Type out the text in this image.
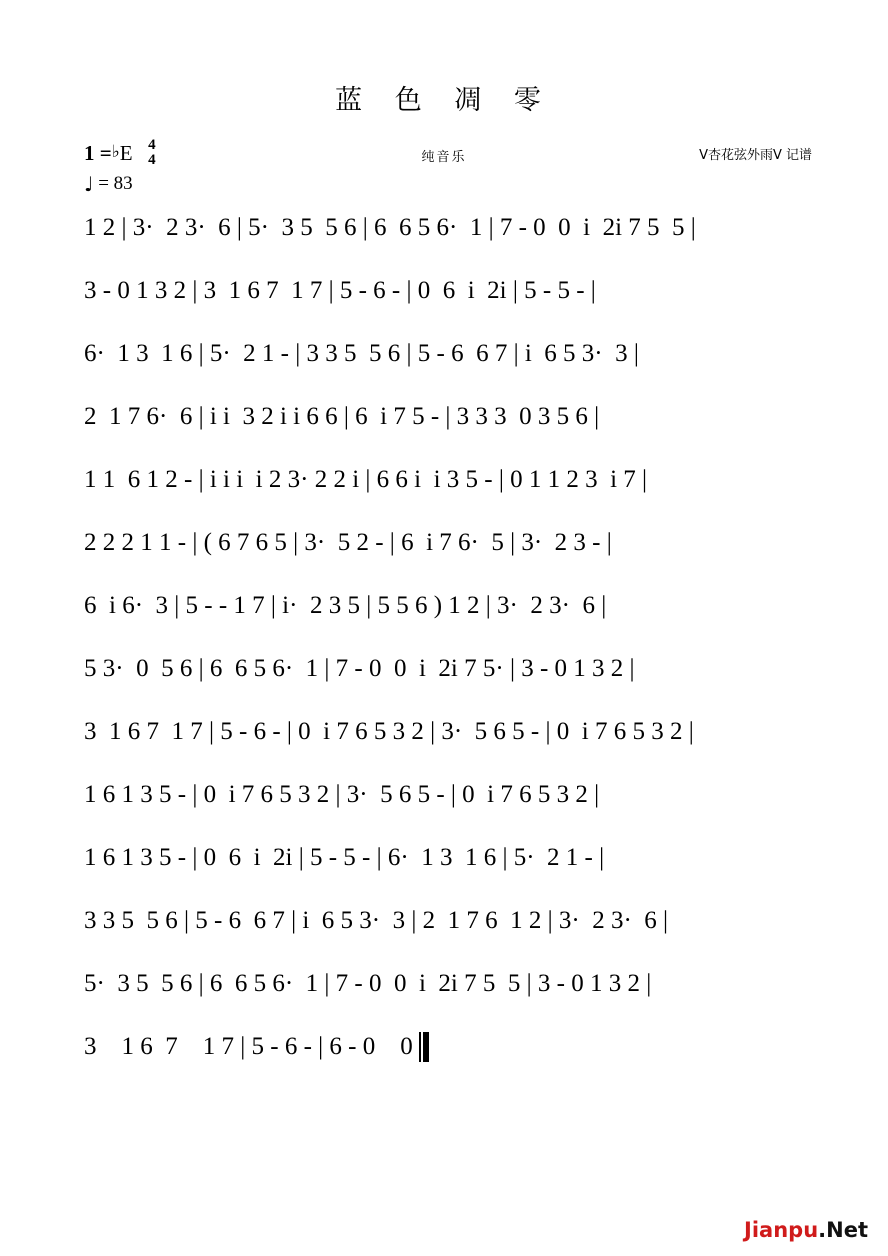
蓝 色 凋 零
纯音乐	V杏花弦外雨V 记谱
1 =♭E 4
4
♩ = 83
1 2 | 3·  2 3·  6 | 5·  3 5  5 6 | 6  6 5 6·  1 | 7 - 0  0  i  2i 7 5  5 |
3 - 0 1 3 2 | 3  1 6 7  1 7 | 5 - 6 - | 0  6  i  2i | 5 - 5 - |
6·  1 3  1 6 | 5·  2 1 - | 3 3 5  5 6 | 5 - 6  6 7 | i  6 5 3·  3 |
2  1 7 6·  6 | i i  3 2 i i 6 6 | 6  i 7 5 - | 3 3 3  0 3 5 6 |
1 1  6 1 2 - | i i i  i 2 3· 2 2 i | 6 6 i  i 3 5 - | 0 1 1 2 3  i 7 |
2 2 2 1 1 - | ( 6 7 6 5 | 3·  5 2 - | 6  i 7 6·  5 | 3·  2 3 - |
6  i 6·  3 | 5 - - 1 7 | i·  2 3 5 | 5 5 6 ) 1 2 | 3·  2 3·  6 |
5 3·  0  5 6 | 6  6 5 6·  1 | 7 - 0  0  i  2i 7 5· | 3 - 0 1 3 2 |
3  1 6 7  1 7 | 5 - 6 - | 0  i 7 6 5 3 2 | 3·  5 6 5 - | 0  i 7 6 5 3 2 |
1 6 1 3 5 - | 0  i 7 6 5 3 2 | 3·  5 6 5 - | 0  i 7 6 5 3 2 |
1 6 1 3 5 - | 0  6  i  2i | 5 - 5 - | 6·  1 3  1 6 | 5·  2 1 - |
3 3 5  5 6 | 5 - 6  6 7 | i  6 5 3·  3 | 2  1 7 6  1 2 | 3·  2 3·  6 |
5·  3 5  5 6 | 6  6 5 6·  1 | 7 - 0  0  i  2i 7 5  5 | 3 - 0 1 3 2 |
3    1 6  7    1 7 | 5 - 6 - | 6 - 0    0
Jianpu.Net
